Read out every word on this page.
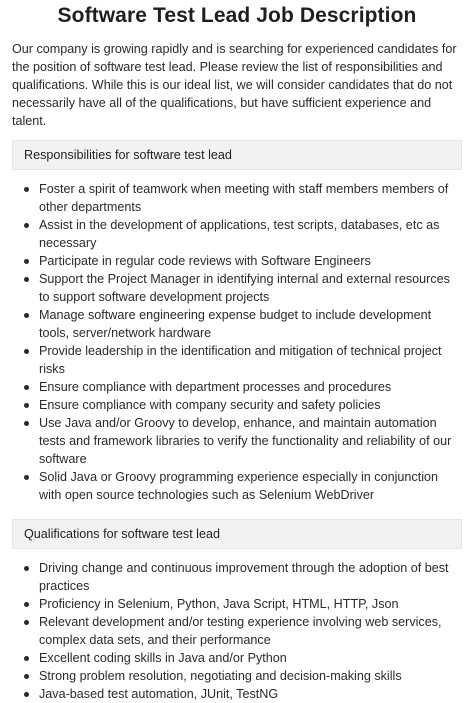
Software Test Lead Job Description

Our company is growing rapidly and is searching for experienced candidates for the position of software test lead. Please review the list of responsibilities and qualifications. While this is our ideal list, we will consider candidates that do not necessarily have all of the qualifications, but have sufficient experience and talent.

Responsibilities for software test lead
Foster a spirit of teamwork when meeting with staff members members of other departments
Assist in the development of applications, test scripts, databases, etc as necessary
Participate in regular code reviews with Software Engineers
Support the Project Manager in identifying internal and external resources to support software development projects
Manage software engineering expense budget to include development tools, server/network hardware
Provide leadership in the identification and mitigation of technical project risks
Ensure compliance with department processes and procedures
Ensure compliance with company security and safety policies
Use Java and/or Groovy to develop, enhance, and maintain automation tests and framework libraries to verify the functionality and reliability of our software
Solid Java or Groovy programming experience especially in conjunction with open source technologies such as Selenium WebDriver
Qualifications for software test lead
Driving change and continuous improvement through the adoption of best practices
Proficiency in Selenium, Python, Java Script, HTML, HTTP, Json
Relevant development and/or testing experience involving web services, complex data sets, and their performance
Excellent coding skills in Java and/or Python
Strong problem resolution, negotiating and decision-making skills
Java-based test automation, JUnit, TestNG
